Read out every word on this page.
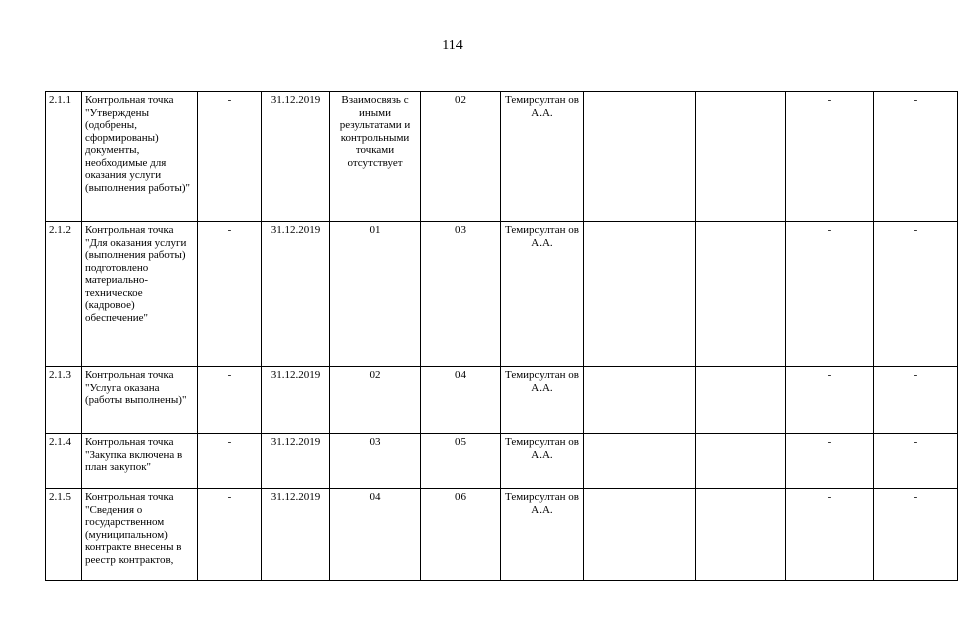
114
2.1.1	Контрольная точка "Утверждены (одобрены, сформированы) документы, необходимые для оказания услуги (выполнения работы)"	-	31.12.2019	Взаимосвязь с иными результатами и контрольными точками отсутствует	02	Темирсултан ов А.А.			-	-
2.1.2	Контрольная точка "Для оказания услуги (выполнения работы) подготовлено материально-техническое (кадровое) обеспечение"	-	31.12.2019	01	03	Темирсултан ов А.А.			-	-
2.1.3	Контрольная точка "Услуга оказана (работы выполнены)"	-	31.12.2019	02	04	Темирсултан ов А.А.			-	-
2.1.4	Контрольная точка "Закупка включена в план закупок"	-	31.12.2019	03	05	Темирсултан ов А.А.			-	-
2.1.5	Контрольная точка "Сведения о государственном (муниципальном) контракте внесены в реестр контрактов,	-	31.12.2019	04	06	Темирсултан ов А.А.			-	-
